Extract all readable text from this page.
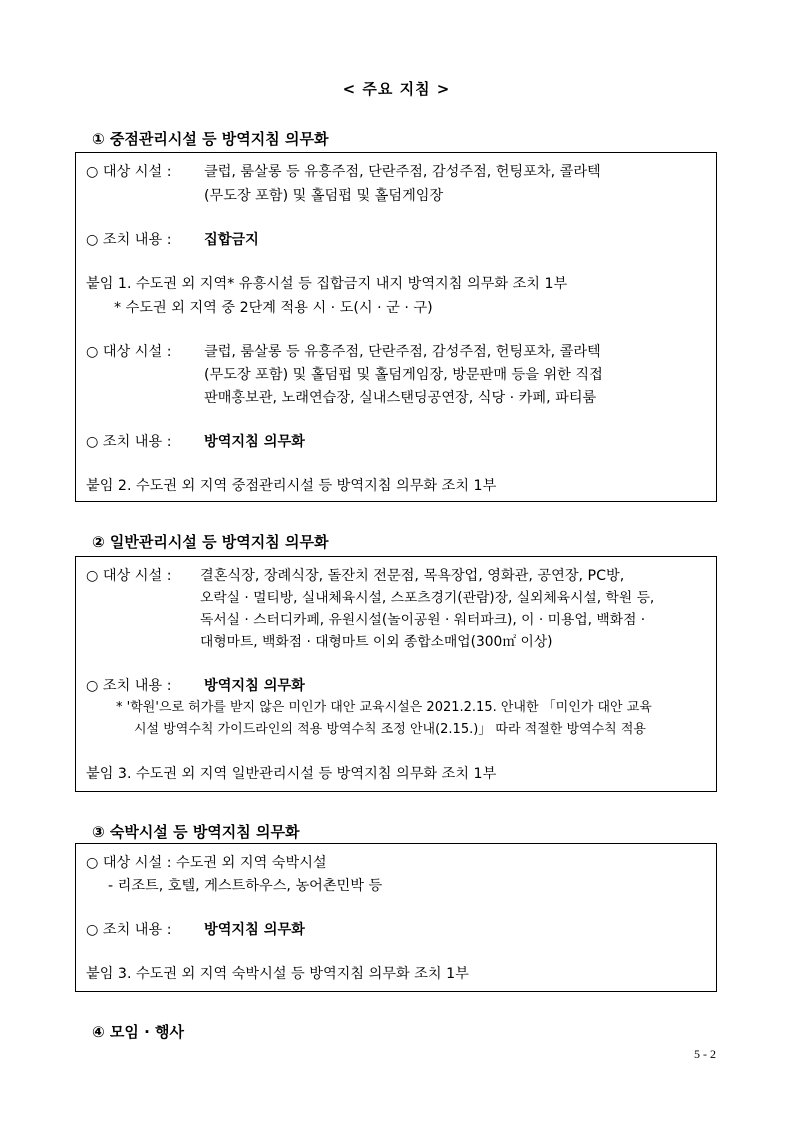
< 주요 지침 >
① 중점관리시설 등 방역지침 의무화
○ 대상 시설 : 클럽, 룸살롱 등 유흥주점, 단란주점, 감성주점, 헌팅포차, 콜라텍
(무도장 포함) 및 홀덤펍 및 홀덤게임장
○ 조치 내용 : 집합금지
붙임 1. 수도권 외 지역* 유흥시설 등 집합금지 내지 방역지침 의무화 조치 1부
* 수도권 외 지역 중 2단계 적용 시 · 도(시 · 군 · 구)
○ 대상 시설 : 클럽, 룸살롱 등 유흥주점, 단란주점, 감성주점, 헌팅포차, 콜라텍
(무도장 포함) 및 홀덤펍 및 홀덤게임장, 방문판매 등을 위한 직접
판매홍보관, 노래연습장, 실내스탠딩공연장, 식당 · 카페, 파티룸
○ 조치 내용 : 방역지침 의무화
붙임 2. 수도권 외 지역 중점관리시설 등 방역지침 의무화 조치 1부
② 일반관리시설 등 방역지침 의무화
○ 대상 시설 : 결혼식장, 장례식장, 돌잔치 전문점, 목욕장업, 영화관, 공연장, PC방,
오락실 · 멀티방, 실내체육시설, 스포츠경기(관람)장, 실외체육시설, 학원 등,
독서실 · 스터디카페, 유원시설(놀이공원 · 워터파크), 이 · 미용업, 백화점 ·
대형마트, 백화점 · 대형마트 이외 종합소매업(300㎡ 이상)
○ 조치 내용 : 방역지침 의무화
* '학원'으로 허가를 받지 않은 미인가 대안 교육시설은 2021.2.15. 안내한 「미인가 대안 교육
시설 방역수칙 가이드라인의 적용 방역수칙 조정 안내(2.15.)」 따라 적절한 방역수칙 적용
붙임 3. 수도권 외 지역 일반관리시설 등 방역지침 의무화 조치 1부
③ 숙박시설 등 방역지침 의무화
○ 대상 시설 : 수도권 외 지역 숙박시설
- 리조트, 호텔, 게스트하우스, 농어촌민박 등
○ 조치 내용 : 방역지침 의무화
붙임 3. 수도권 외 지역 숙박시설 등 방역지침 의무화 조치 1부
④ 모임 · 행사
5 - 2
